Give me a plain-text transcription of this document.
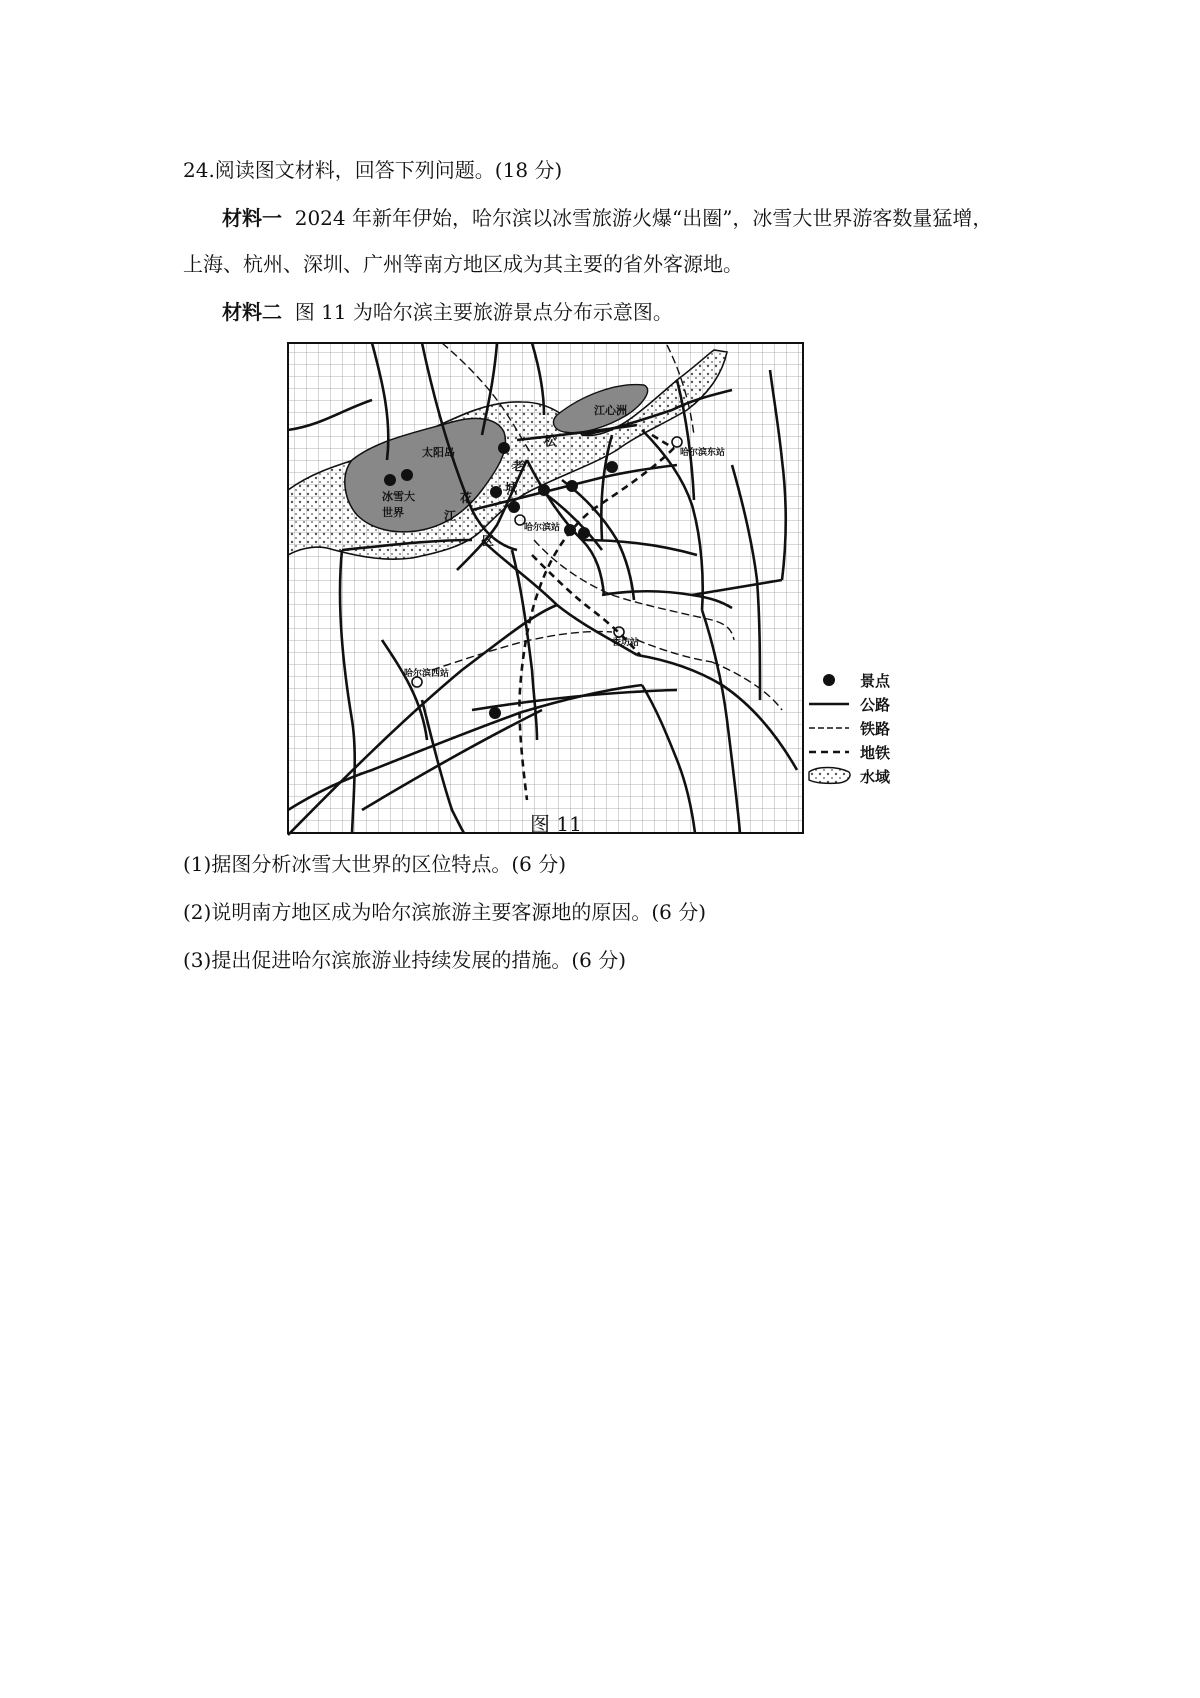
24.阅读图文材料，回答下列问题。(18 分)
材料一 2024 年新年伊始，哈尔滨以冰雪旅游火爆“出圈”，冰雪大世界游客数量猛增，
上海、杭州、深圳、广州等南方地区成为其主要的省外客源地。
材料二 图 11 为哈尔滨主要旅游景点分布示意图。
江心洲
太阳岛
冰雪大
世界
哈尔滨东站
哈尔滨站
哈尔滨西站
香坊站
老
城
区
松
花
江
景点
公路
铁路
地铁
水域
图 11
(1)据图分析冰雪大世界的区位特点。(6 分)
(2)说明南方地区成为哈尔滨旅游主要客源地的原因。(6 分)
(3)提出促进哈尔滨旅游业持续发展的措施。(6 分)
